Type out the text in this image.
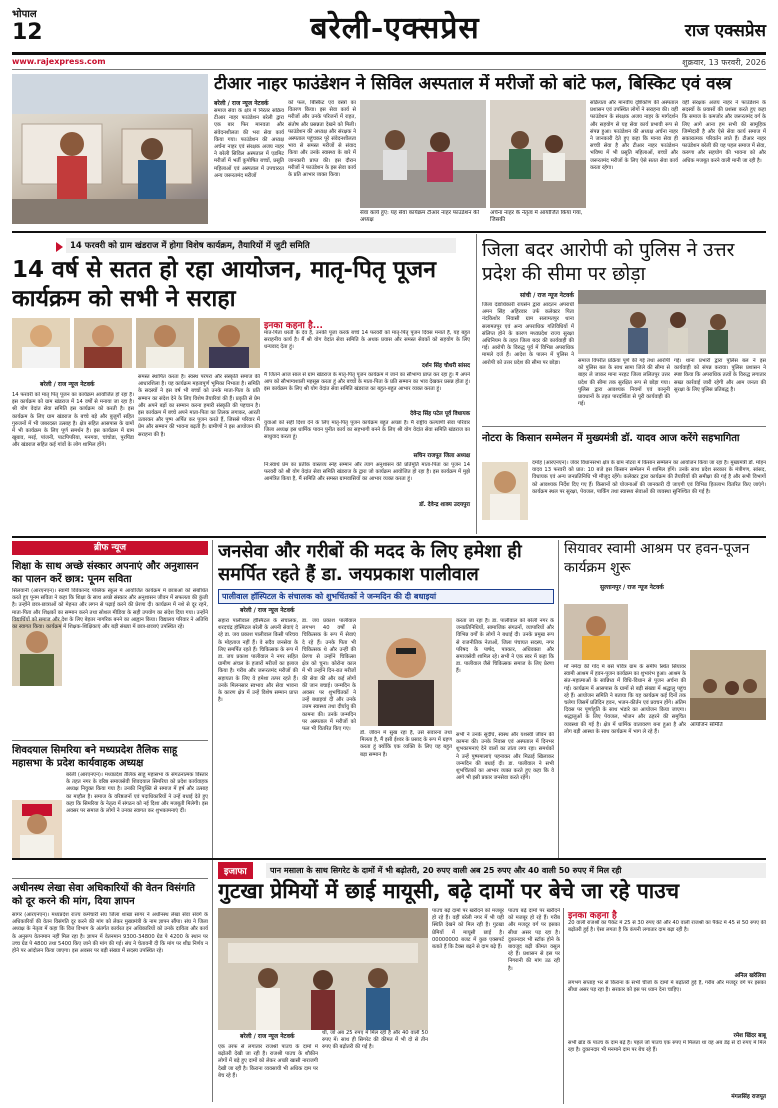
भोपाल
12	बरेली-एक्सप्रेस	राज एक्सप्रेस
www.rajexpress.com	शुक्रवार, 13 फरवरी, 2026
टीआर नाहर फाउंडेशन ने सिविल अस्पताल में मरीजों को बांटे फल, बिस्किट एवं वस्त्र
बरेली / राज न्यूज नेटवर्क
समाज सेवा के क्षेत्र में निरंतर सक्रिय टीआर नाहर फाउंडेशन बरेली द्वारा एक बार फिर मानवता और संवेदनशीलता की भरा सेवा कार्य किया गया। फाउंडेशन की अध्यक्ष अर्चना नाहर एवं संरक्षक अजय नाहर ने बरेली सिविल अस्पताल में एडमिट मरीजों में भर्ती कुपोषित बच्चों, प्रसूति महिलाओं एवं अस्पताल में उपचाररत अन्य जरूरतमंद मरीजों
को फल, बिस्किट एवं वस्त्रों का वितरण किया। इस सेवा कार्य से मरीजों और उनके परिजनों में राहत, संतोष और प्रसन्नता देखने को मिली। फाउंडेशन की अध्यक्ष और संरक्षक ने अस्पताल पहुंचकर पूरे संवेदनशीलता भाव से समस्त मरीजों से संवाद किया और उनके स्वास्थ्य के बारे में जानकारी प्राप्त की। इस दौरान मरीजों ने फाउंडेशन के इस सेवा कार्य के प्रति आभार व्यक्त किया।
सेवा कार्य हुए: यह सेवा कार्यक्रम टीआर नाहर फाउंडेशन की अध्यक्ष
अर्चना नाहर के नेतृत्व में आयोजित किया गया, जिसकी
सक्रियता और मानवीय दृष्टिकोण की अस्पताल प्रशासन एवं उपस्थित लोगों ने सराहना की। वहीं फाउंडेशन के संरक्षक अजय नाहर के मार्गदर्शन और सहयोग से यह सेवा कार्य प्रभावी रूप से संपन्न हुआ। फाउंडेशन की अध्यक्ष अर्चना नाहर ने जानकारी देते हुए कहा कि मानव सेवा ही सच्ची सेवा है और टीआर नाहर फाउंडेशन भविष्य में भी प्रसूति महिलाओं, बच्चों और जरूरतमंद मरीजों के लिए ऐसे सतत सेवा कार्य करता रहेगा।
वहीं संरक्षक अजय नाहर ने फाउंडेशन के सदस्यों के प्रयासों की प्रशंसा करते हुए कहा कि समाज के कमजोर और जरूरतमंद वर्ग के लिए आगे आना हम सभी की सामूहिक जिम्मेदारी है और ऐसे सेवा कार्य समाज में सकारात्मक परिवर्तन लाते हैं। टीआर नाहर फाउंडेशन बरेली की यह पहल समाज में सेवा, करुणा और सहयोग की भावना को और अधिक मजबूत करने वाली मानी जा रही है।
14 फरवरी को ग्राम खंडराज में होगा विशेष कार्यक्रम, तैयारियों में जुटी समिति
14 वर्ष से सतत हो रहा आयोजन, मातृ-पितृ पूजन कार्यक्रम को सभी ने सराहा
बरेली / राज न्यूज नेटवर्क
14 फरवरी को मातृ पितृ पूजन का कार्यक्रम आयोजित हो रहा है। इस कार्यक्रम को ग्राम खंडराज में 14 वर्षों से मनाया जा रहा है। श्री योग वेदांत सेवा समिति इस कार्यक्रम को करती है। इस कार्यक्रम के लिए ग्राम खंडराज के बच्चे बड़े और बुजुर्गों सहित गुरुजनों में भी जबरदस्त उत्साह है। क्षेत्र सहित आसपास के ग्रामों में भी कार्यक्रम के लिए पूर्ण समर्थन है। इस कार्यक्रम में ग्राम खुबाव, मरई, पांजनी, पाटपिपरिया, मनगवा, चांचोडा, पुरपिंडा और खंडराज सहित कई गांवों के लोग शामिल होंगे।
समस्त स्थापित करता है। स्वस्थ परंपरा और संस्कृति समाज की आधारशिला है। यह कार्यक्रम महत्वपूर्ण भूमिका निभाता है। समिति के सदस्यों ने इस वर्ष भी बच्चों को उनके माता-पिता के प्रति सम्मान का संदेश देने के लिए विशेष तैयारियां की हैं। प्रकृति से प्रेम और अपने बड़ों का सम्मान करना हमारी संस्कृति की पहचान है। इस कार्यक्रम में बच्चे अपने माता-पिता का तिलक लगाकर, आरती उतारकर और पुष्प अर्पित कर पूजन करते हैं, जिससे परिवार में प्रेम और सम्मान की भावना बढ़ती है। ग्रामीणों ने इस आयोजन की सराहना की है।
इनका कहना है...
मात-पिता धरती के देव हैं, उनकी पूजा करके बच्चे 14 फरवरी को मातृ-पितृ पूजन दिवस मनाते हैं, यह बहुत सराहनीय कार्य है। मैं श्री योग वेदांत सेवा समिति के अथक प्रयास और समस्त सेवकों को सहयोग के लिए धन्यवाद देता हूं।
दर्शन सिंह चौधरी सांसद
मैं जितने आज साल से ग्राम खंडराज के मातृ-पितृ पूजन कार्यक्रम में जाने का सौभाग्य प्राप्त कर रहा हूं। मैं अपने आप को सौभाग्यशाली महसूस करता हूं और बच्चों के माता-पिता के प्रति सम्मान का भाव देखकर प्रसन्न होता हूं। इस कार्यक्रम के लिए श्री योग वेदांत सेवा समिति खंडराज का बहुत-बहुत आभार व्यक्त करता हूं।
देवेन्द्र सिंह पटेल पूर्व विधायक
युवाओं को सही दिशा देने के लिए मातृ-पितृ पूजन कार्यक्रम बहुत अच्छा है। मैं राष्ट्रीय कल्याणी सेवा परिवार जिला अध्यक्ष इस धार्मिक पावन पुनीत कार्य का सहभागी बनने के लिए श्री योग वेदांत सेवा समिति खंडराज का साधुवाद करता हूं।
सचिन राजपूत जिला अध्यक्ष
नि:स्वार्थ प्रेम का प्रतीक वास्तव्य स्नेह सम्मान और त्याग अनुशासन की प्रतिमूर्ति माता-पिता का पूजन 14 फरवरी को श्री योग वेदांत सेवा समिति खंडराज के द्वारा जो कार्यक्रम आयोजित हो रहा है। इस कार्यक्रम में मुझे आमंत्रित किया है, मैं समिति और समस्त ग्रामवासियों का आभार व्यक्त करता हूं।
डॉ. देवेन्द्र शाक्य उदयपुरा
जिला बदर आरोपी को पुलिस ने उत्तर प्रदेश की सीमा पर छोड़ा
सांची / राज न्यूज नेटवर्क
जिला दंडाधिकारी रायसेन द्वारा आदतन अपराधी अमन सिंह अहिरवार उर्फ कलेक्टर पिता नंदकिशोर निवासी ग्राम सलामतपुर थाना सलामतपुर एवं अन्य अपराधिक गतिविधियों में संलिप्त होने के कारण मध्यप्रदेश राज्य सुरक्षा अधिनियम के तहत जिला बदर की कार्यवाही की गई। आरोपी के विरुद्ध पूर्व में विभिन्न अपराधिक मामले दर्ज हैं। आदेश के पालन में पुलिस ने आरोपी को उत्तर प्रदेश की सीमा पर छोड़ा।	समाज विपरीत प्रक्रिया पूर्ण की गई तथा आरोपी को पुलिस बल के साथ सामा जिले की सीमा से बाहर ले जाकर माना नरहट जिला ललितपुर उत्तर प्रदेश की सीमा तक सुरक्षित रूप से छोड़ा गया। पुलिस द्वारा आवश्यक नियमों एवं कानूनी प्रावधानों के तहत पारदर्शिता से पूरी कार्यवाही की गई।
गई। थाना प्रभारी द्वारा पुलिस बल ने इस कार्यवाही को संपन्न कराया। पुलिस प्रशासन ने स्पष्ट किया कि अपराधिक तत्वों के विरुद्ध लगातार सख्त कार्रवाई जारी रहेगी और आम जनता की सुरक्षा के लिए पुलिस प्रतिबद्ध है।
नोटरा के किसान सम्मेलन में मुख्यमंत्री डॉ. यादव आज करेंगे सहभागिता
दमोह (आरएनएन)। जेवर विधानसभा क्षेत्र के ग्राम नोटरा में किसान सम्मेलन का आयोजन किया जा रहा है। मुख्यमंत्री डॉ. मोहन यादव 13 फरवरी को प्रात: 10 बजे इस किसान सम्मेलन में शामिल होंगे। उनके साथ प्रदेश सरकार के मंत्रीगण, सांसद, विधायक एवं अन्य जनप्रतिनिधि भी मौजूद रहेंगे। कलेक्टर द्वारा कार्यक्रम की तैयारियों की समीक्षा की गई है और सभी विभागों को आवश्यक निर्देश दिए गए हैं। किसानों को योजनाओं की जानकारी दी जाएगी एवं विभिन्न हितलाभ वितरित किए जाएंगे। कार्यक्रम स्थल पर सुरक्षा, पेयजल, पार्किंग तथा स्वास्थ्य सेवाओं की व्यवस्था सुनिश्चित की गई है।
ब्रीफ न्यूज
शिक्षा के साथ अच्छे संस्कार अपनाएं और अनुशासन का पालन करें छात्र: पूनम सविता
सिलवानी (आरएनएन)। स्वामी विवेकानंद पब्लिक स्कूल में आयोजित कार्यक्रम में छात्राओं को संबोधित करते हुए पूनम सविता ने कहा कि शिक्षा के साथ अच्छे संस्कार और अनुशासन जीवन में सफलता की कुंजी है। उन्होंने छात्र-छात्राओं को मेहनत और लगन से पढ़ाई करने की प्रेरणा दी। कार्यक्रम में नशे से दूर रहने, माता-पिता और शिक्षकों का सम्मान करने तथा सोशल मीडिया के सही उपयोग का संदेश दिया गया। उन्होंने विद्यार्थियों को समाज और देश के लिए बेहतर नागरिक बनने का आह्वान किया। विद्यालय परिवार ने अतिथि का स्वागत किया। कार्यक्रम में शिक्षक-शिक्षिकाएं और बड़ी संख्या में छात्र-छात्राएं उपस्थित रहे।
शिवदयाल सिमरिया बने मध्यप्रदेश तैलिक साहू महासभा के प्रदेश कार्यवाहक अध्यक्ष
बरेली (आरएनएन)। मध्यप्रदेश तैलिक साहू महासभा के संगठनात्मक विस्तार के तहत नगर के वरिष्ठ समाजसेवी शिवदयाल सिमरिया को प्रदेश कार्यवाहक अध्यक्ष नियुक्त किया गया है। उनकी नियुक्ति से समाज में हर्ष और उत्साह का माहौल है। समाज के वरिष्ठजनों एवं पदाधिकारियों ने उन्हें बधाई देते हुए कहा कि सिमरिया के नेतृत्व में संगठन को नई दिशा और मजबूती मिलेगी। इस अवसर पर समाज के लोगों ने उनका स्वागत कर शुभकामनाएं दीं।
अधीनस्थ लेखा सेवा अधिकारियों की वेतन विसंगति को दूर करने की मांग, दिया ज्ञापन
सागर (आरएनएन)। मध्यप्रदेश राज्य कर्मचारी संघ जिला शाखा सागर ने अधीनस्थ लेखा सेवा संवर्ग के अधिकारियों की वेतन विसंगति दूर करने की मांग को लेकर मुख्यमंत्री के नाम ज्ञापन सौंपा। संघ ने जिला अध्यक्ष के नेतृत्व में कहा कि वित्त विभाग के अंतर्गत कार्यरत इन अधिकारियों को उनके दायित्व और कार्य के अनुरूप वेतनमान नहीं मिल रहा है। ज्ञापन में वेतनमान 9300-34800 ग्रेड पे 4200 के स्थान पर उच्च ग्रेड पे 4800 तथा 5400 किए जाने की मांग की गई। संघ ने चेतावनी दी कि मांग पर शीघ्र निर्णय न होने पर आंदोलन किया जाएगा। इस अवसर पर बड़ी संख्या में सदस्य उपस्थित रहे।
जनसेवा और गरीबों की मदद के लिए हमेशा ही समर्पित रहते हैं डा. जयप्रकाश पालीवाल
पालीवाल हॉस्पिटल के संचालक को शुभचिंतकों ने जन्मदिन की दी बधाइयां
बरेली / राज न्यूज नेटवर्क
सहारा पालीवाल हॉस्पिटल के संचालक, शरदचंद्र हॉस्पिटल बरेली के अपनी सेवाएं दे रहे डा. जय प्रकाश पालीवाल किसी परिचय के मोहताज नहीं हैं। वे सदैव जनसेवा के लिए समर्पित रहते हैं। चिकित्सक के रूप में डा. जय प्रकाश पालीवाल ने नगर सहित ग्रामीण अंचल के हजारों मरीजों का इलाज किया है। गरीब और जरूरतमंद मरीजों की सहायता के लिए वे हमेशा तत्पर रहते हैं। उनके मिलनसार स्वभाव और सेवा भावना के कारण क्षेत्र में उन्हें विशेष सम्मान प्राप्त है।
डा. जय प्रकाश पालीवाल लगभग 40 वर्षों से चिकित्सक के रूप में सेवाएं दे रहे हैं। उनके पिता भी चिकित्सक थे और उन्हीं की प्रेरणा से उन्होंने चिकित्सा क्षेत्र को चुना। कोरोना काल में भी उन्होंने दिन-रात मरीजों की सेवा की और कई लोगों की जान बचाई। जन्मदिन के अवसर पर शुभचिंतकों ने उन्हें बधाइयां दीं और उनके उत्तम स्वास्थ्य तथा दीर्घायु की कामना की। उनके जन्मदिन पर अस्पताल में मरीजों को फल भी वितरित किए गए।
डॉ. जीवन में सुख रहा है, उसे सवारना तथा मिलता है, मैं इसी ईश्वर के प्रसाद के रूप में ग्रहण करता हूं क्योंकि एक व्यक्ति के लिए यह बहुत बड़ा सम्मान है।
करता जा रहा है। डा. पालीवाल को बरेली नगर के जनप्रतिनिधियों, सामाजिक संगठनों, व्यापारियों और विभिन्न वर्गों के लोगों ने बधाई दी। उनके प्रमुख रूप से राजनीतिक नेताओं, जिला पंचायत सदस्य, नगर परिषद के पार्षद, पत्रकार, अधिवक्ता और समाजसेवी शामिल रहे। सभी ने एक स्वर में कहा कि डा. पालीवाल जैसे चिकित्सक समाज के लिए प्रेरणा हैं।
सभी ने उनके सुदीर्घ, स्वस्थ और यशस्वी जीवन की कामना की। उनके निवास एवं अस्पताल में दिनभर शुभकामनाएं देने वालों का तांता लगा रहा। समर्थकों ने उन्हें पुष्पमालाएं पहनाकर और मिठाई खिलाकर जन्मदिन की बधाई दी। डा. पालीवाल ने सभी शुभचिंतकों का आभार व्यक्त करते हुए कहा कि वे आगे भी इसी प्रकार जनसेवा करते रहेंगे।
सियावर स्वामी आश्रम पर हवन-पूजन कार्यक्रम शुरू
सुल्तानपुर / राज न्यूज नेटवर्क
माँ नर्मदा की गोद में बसे पवित्र ग्राम के समीप स्थित सियावर स्वामी आश्रम में हवन-पूजन कार्यक्रम का शुभारंभ हुआ। आश्रम के संत-महात्माओं के सान्निध्य में विधि-विधान से पूजन अर्चना की गई। कार्यक्रम में आसपास के ग्रामों से बड़ी संख्या में श्रद्धालु पहुंच रहे हैं। आयोजन समिति ने बताया कि यह कार्यक्रम कई दिनों तक चलेगा जिसमें प्रतिदिन हवन, भजन-कीर्तन एवं प्रवचन होंगे। अंतिम दिवस पर पूर्णाहुति के साथ भंडारे का आयोजन किया जाएगा। श्रद्धालुओं के लिए पेयजल, भोजन और ठहरने की समुचित व्यवस्था की गई है। क्षेत्र में धार्मिक वातावरण बना हुआ है और लोग बड़ी आस्था के साथ कार्यक्रम में भाग ले रहे हैं।
आयोजन समिति
इजाफा	पान मसाला के साथ सिगरेट के दामों में भी बढ़ोतरी, 20 रुपए वाली अब 25 रुपए और 40 वाली 50 रुपए में मिल रही
गुटखा प्रेमियों में छाई मायूसी, बढ़े दामों पर बेचे जा रहे पाउच
बरेली / राज न्यूज नेटवर्क
एक तरफ से लगातार राजश्री पाउच के दामों में बढ़ोतरी देखी जा रही है। राजश्री पाउच के शौकीन लोगों में बड़े हुए दामों को लेकर अच्छी खासी नाराजगी देखी जा रही है। किराना व्यवसायी भी अधिक दाम पर बेच रहे हैं।
थी, जो अब 25 रुपए में मिल रही है और 40 वाली 50 रुपए में। साथ ही सिगरेट की कीमत में भी दो से तीन रुपए की बढ़ोतरी की गई है।
पाउच बढ़े दामों पर खरीदने को मजबूर हो रहे हैं। वहीं बरेली नगर में भी यही स्थिति देखने को मिल रही है। गुटखा प्रेमियों में मायूसी छाई है। 00000000 बजट में कुछ एक्सपर्ट बताते हैं कि टैक्स बढ़ने से दाम बढ़े हैं।
पाउच बढ़े दामों पर खरीदने को मजबूर हो रहे हैं। गरीब और मजदूर वर्ग पर इसका सीधा असर पड़ रहा है। दुकानदार भी स्टॉक होने के बावजूद बढ़ी कीमत वसूल रहे हैं। प्रशासन से इस पर निगरानी की मांग उठ रही है।
इनका कहना है
20 वाली राजश्री का पैकेट में 25 से 30 रुपए की और 40 वाली राजश्री का पैकेट में 45 से 50 रुपए की बढ़ोतरी हुई है। ऐसा लगता है कि कंपनी लगातार दाम बढ़ा रही है।
अनिल खरेलिया
लगभग सप्ताह भर से किराना के सभी चीजों के दामों में बढ़ोतरी हुई है, गरीब और मजदूर वर्ग पर इसका सीधा असर पड़ रहा है। सरकार को इस पर ध्यान देना चाहिए।
रमेश खिंदर बाबू
सभी ब्रांड के पाउच के दाम बढ़े हैं। पहले जो पाउच एक रुपए में मिलता था वह अब डेढ़ से दो रुपए में मिल रहा है। दुकानदार भी मनमाने दाम पर बेच रहे हैं।
मंगलसिंह राजपूत
